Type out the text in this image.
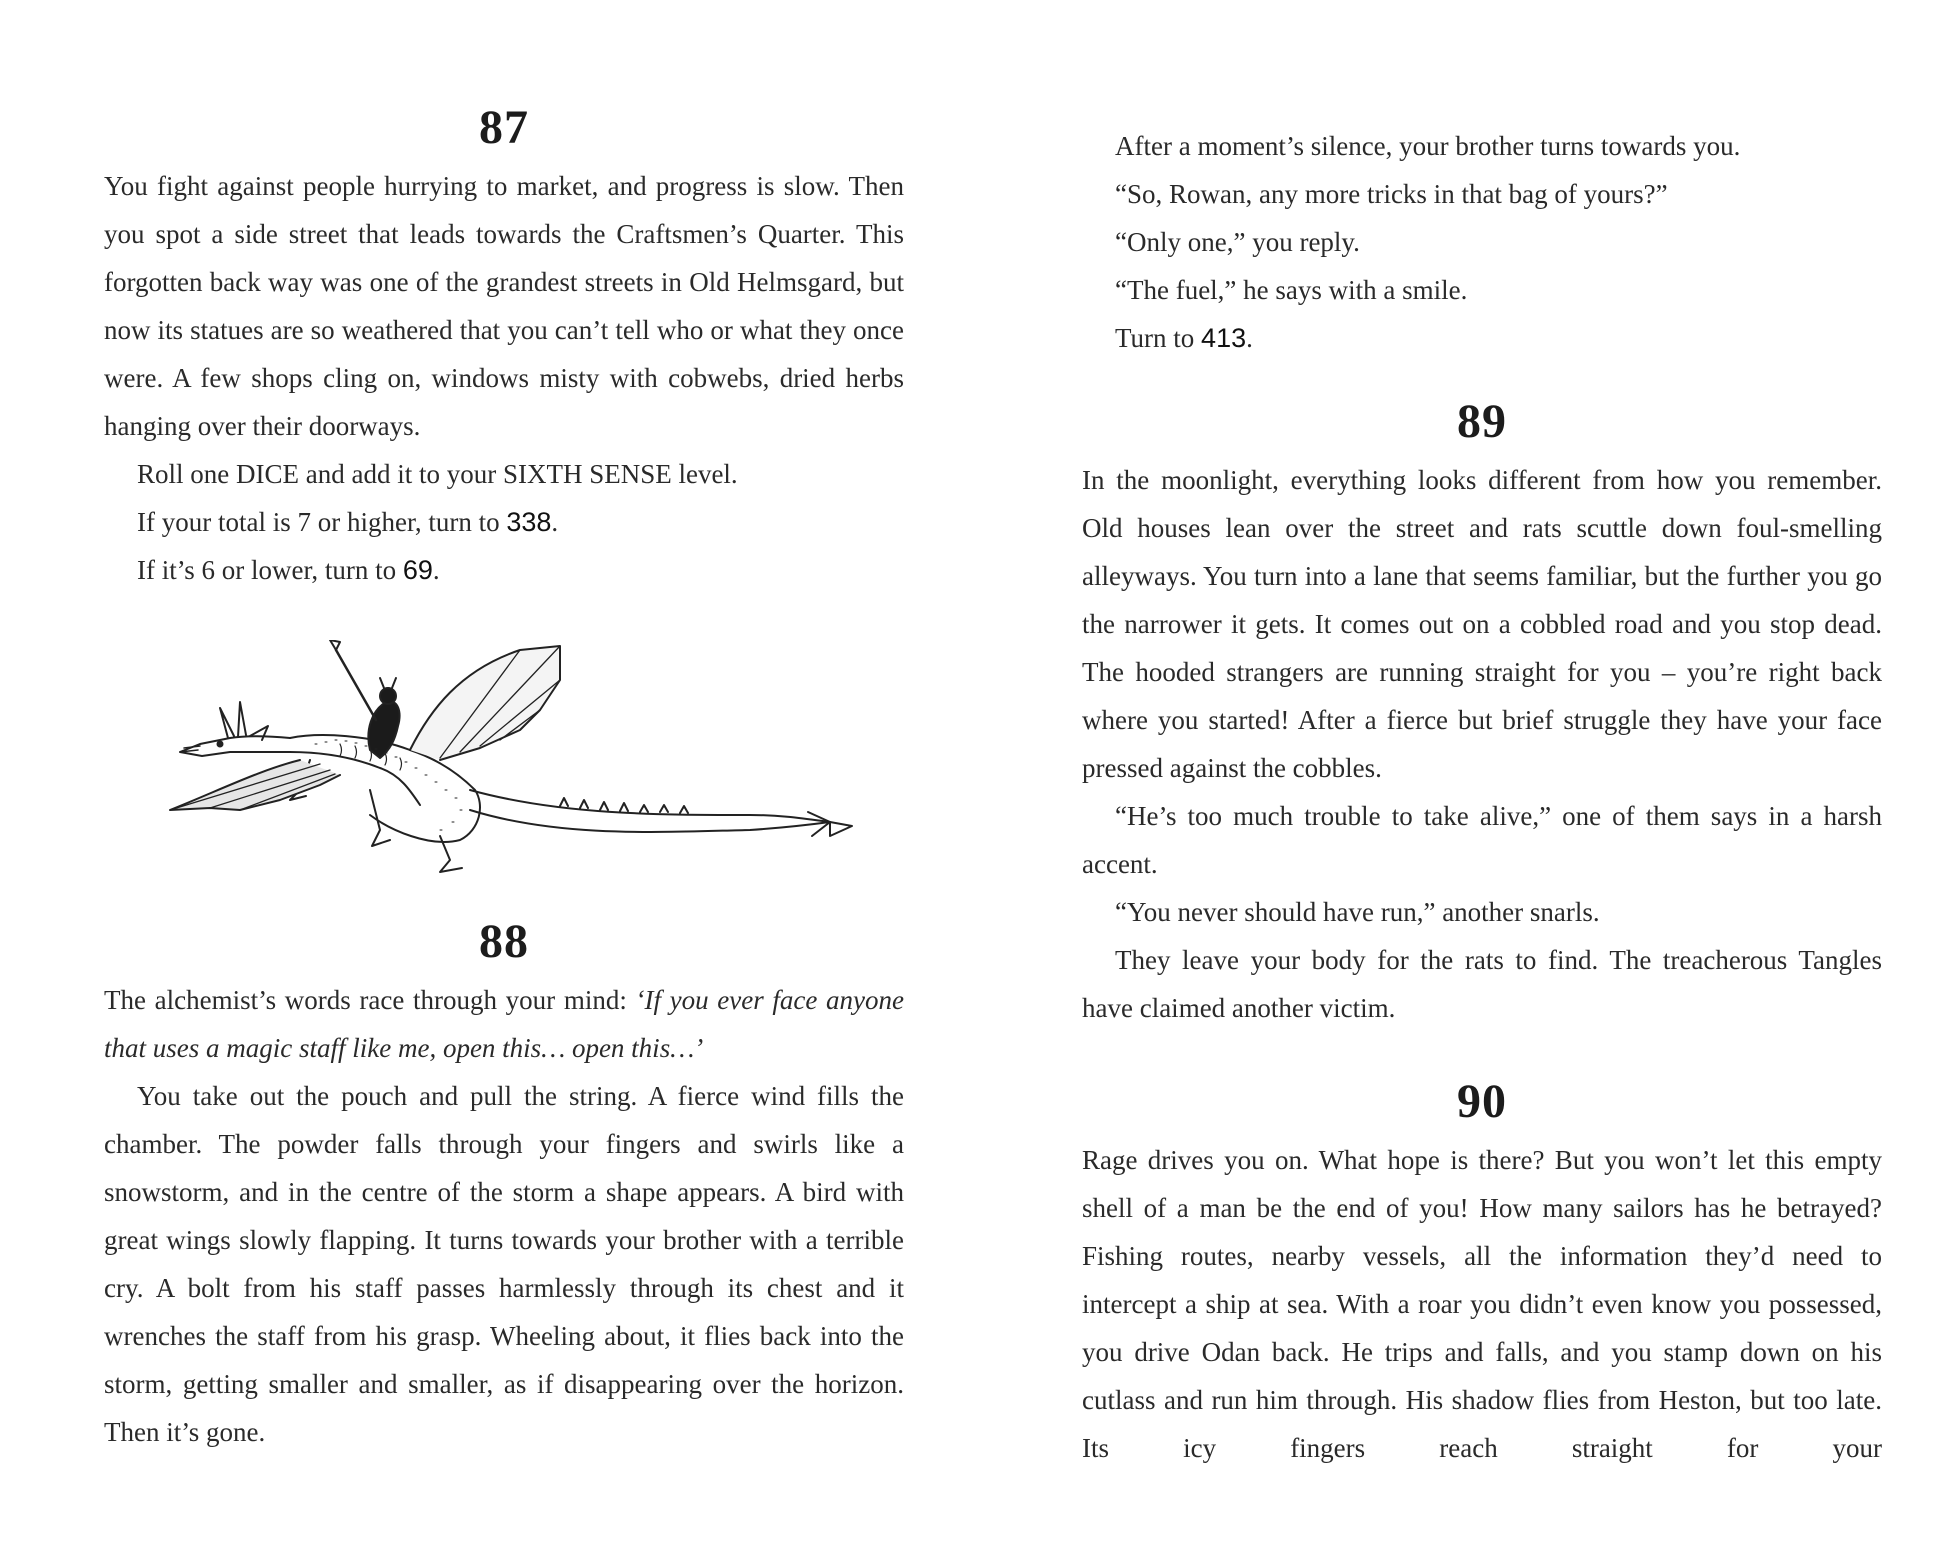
87

You fight against people hurrying to market, and progress is slow. Then you spot a side street that leads towards the Craftsmen’s Quarter. This forgotten back way was one of the grandest streets in Old Helmsgard, but now its statues are so weathered that you can’t tell who or what they once were. A few shops cling on, windows misty with cobwebs, dried herbs hanging over their doorways.

Roll one DICE and add it to your SIXTH SENSE level.

If your total is 7 or higher, turn to 338.

If it’s 6 or lower, turn to 69.

88

The alchemist’s words race through your mind: ‘If you ever face anyone that uses a magic staff like me, open this… open this…’

You take out the pouch and pull the string. A fierce wind fills the chamber. The powder falls through your fingers and swirls like a snowstorm, and in the centre of the storm a shape appears. A bird with great wings slowly flapping. It turns towards your brother with a terrible cry. A bolt from his staff passes harmlessly through its chest and it wrenches the staff from his grasp. Wheeling about, it flies back into the storm, getting smaller and smaller, as if disappearing over the horizon. Then it’s gone.

After a moment’s silence, your brother turns towards you.

“So, Rowan, any more tricks in that bag of yours?”

“Only one,” you reply.

“The fuel,” he says with a smile.

Turn to 413.

89

In the moonlight, everything looks different from how you remember. Old houses lean over the street and rats scuttle down foul-smelling alleyways. You turn into a lane that seems familiar, but the further you go the narrower it gets. It comes out on a cobbled road and you stop dead. The hooded strangers are running straight for you – you’re right back where you started! After a fierce but brief struggle they have your face pressed against the cobbles.

“He’s too much trouble to take alive,” one of them says in a harsh accent.

“You never should have run,” another snarls.

They leave your body for the rats to find. The treacherous Tangles have claimed another victim.

90

Rage drives you on. What hope is there? But you won’t let this empty shell of a man be the end of you! How many sailors has he betrayed? Fishing routes, nearby vessels, all the information they’d need to intercept a ship at sea. With a roar you didn’t even know you possessed, you drive Odan back. He trips and falls, and you stamp down on his cutlass and run him through. His shadow flies from Heston, but too late. Its icy fingers reach straight for your
